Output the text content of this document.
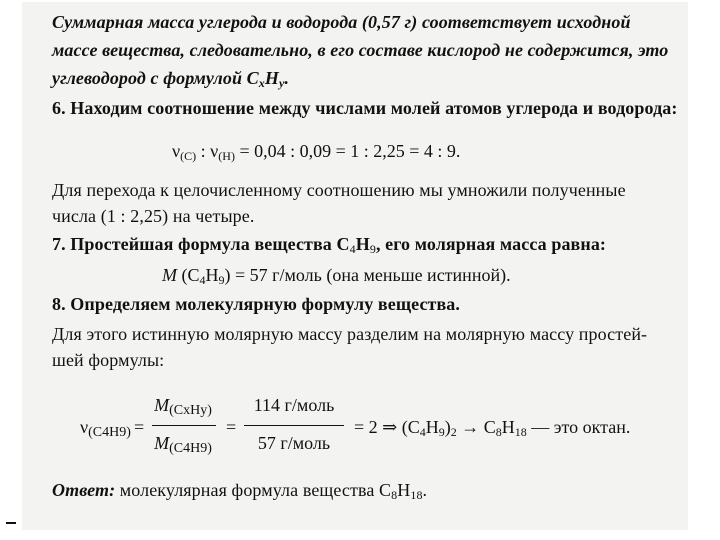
Суммарная масса углерода и водорода (0,57 г) соответствует исходной
массе вещества, следовательно, в его составе кислород не содержится, это
углеводород с формулой $C_xH_y$.
6. Находим соотношение между числами молей атомов углерода и водорода:
$\nu_{(C)}$ : $\nu_{(H)} = 0,04$ : 0,09 = 1 : 2,25 = 4 : 9.
Для перехода к целочисленному соотношению мы умножили полученные
числа (1 : 2,25) на четыре.
7. Простейшая формула вещества $C_4H_9$, его молярная масса равна:
M $(C_4H_9) = 57$ г/моль (она меньше истинной).
8. Определяем молекулярную формулу вещества.
Для этого истинную молярную массу разделим на молярную массу простей-
шей формулы:
$\nu_{(C4H9)}$ =
$M_{(CxHy)}$
$M_{(C4H9)}$
=
114 г/моль
57 г/моль
= 2 ⇒ $(C_4H_9)_2 \to C_8H_{18}$ — это октан.
Ответ: молекулярная формула вещества $C_8H_{18}$.
